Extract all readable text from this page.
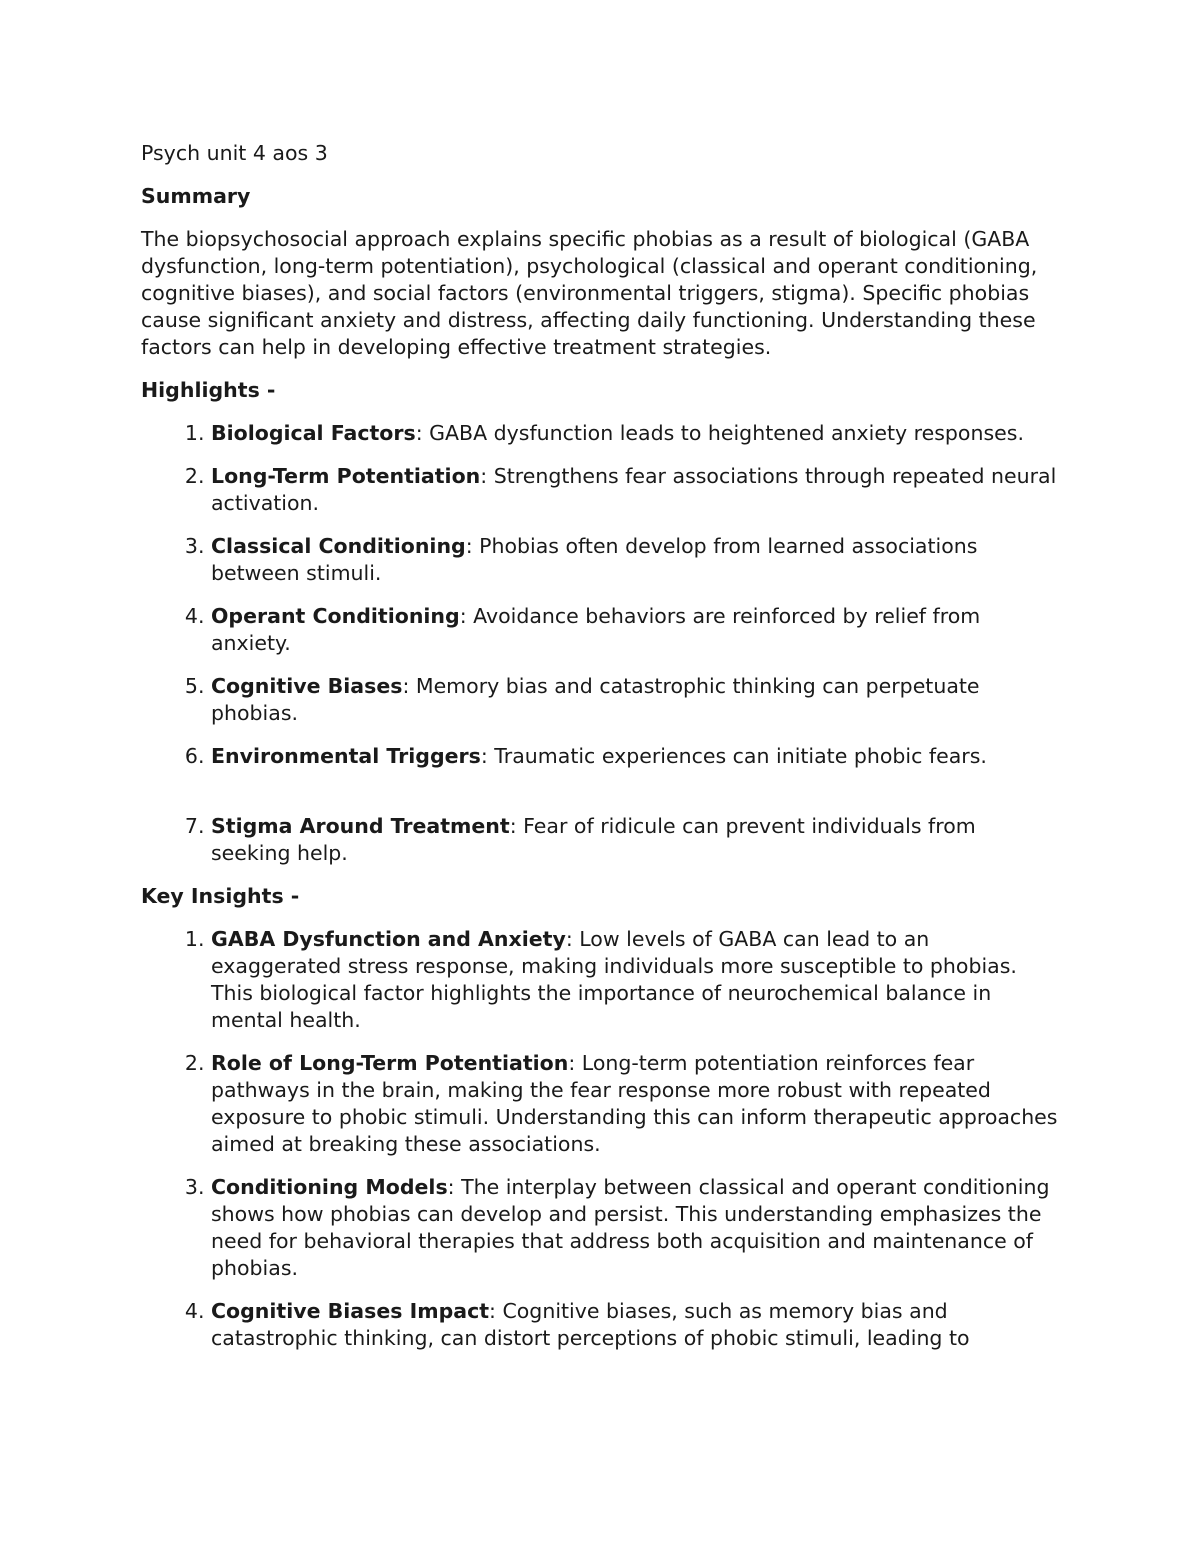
Psych unit 4 aos 3

Summary

The biopsychosocial approach explains specific phobias as a result of biological (GABA dysfunction, long-term potentiation), psychological (classical and operant conditioning, cognitive biases), and social factors (environmental triggers, stigma). Specific phobias cause significant anxiety and distress, affecting daily functioning. Understanding these factors can help in developing effective treatment strategies.

Highlights -

1. Biological Factors: GABA dysfunction leads to heightened anxiety responses.
2. Long-Term Potentiation: Strengthens fear associations through repeated neural activation.
3. Classical Conditioning: Phobias often develop from learned associations between stimuli.
4. Operant Conditioning: Avoidance behaviors are reinforced by relief from anxiety.
5. Cognitive Biases: Memory bias and catastrophic thinking can perpetuate phobias.
6. Environmental Triggers: Traumatic experiences can initiate phobic fears.
7. Stigma Around Treatment: Fear of ridicule can prevent individuals from seeking help.

Key Insights -

1. GABA Dysfunction and Anxiety: Low levels of GABA can lead to an exaggerated stress response, making individuals more susceptible to phobias. This biological factor highlights the importance of neurochemical balance in mental health.
2. Role of Long-Term Potentiation: Long-term potentiation reinforces fear pathways in the brain, making the fear response more robust with repeated exposure to phobic stimuli. Understanding this can inform therapeutic approaches aimed at breaking these associations.
3. Conditioning Models: The interplay between classical and operant conditioning shows how phobias can develop and persist. This understanding emphasizes the need for behavioral therapies that address both acquisition and maintenance of phobias.
4. Cognitive Biases Impact: Cognitive biases, such as memory bias and catastrophic thinking, can distort perceptions of phobic stimuli, leading to
